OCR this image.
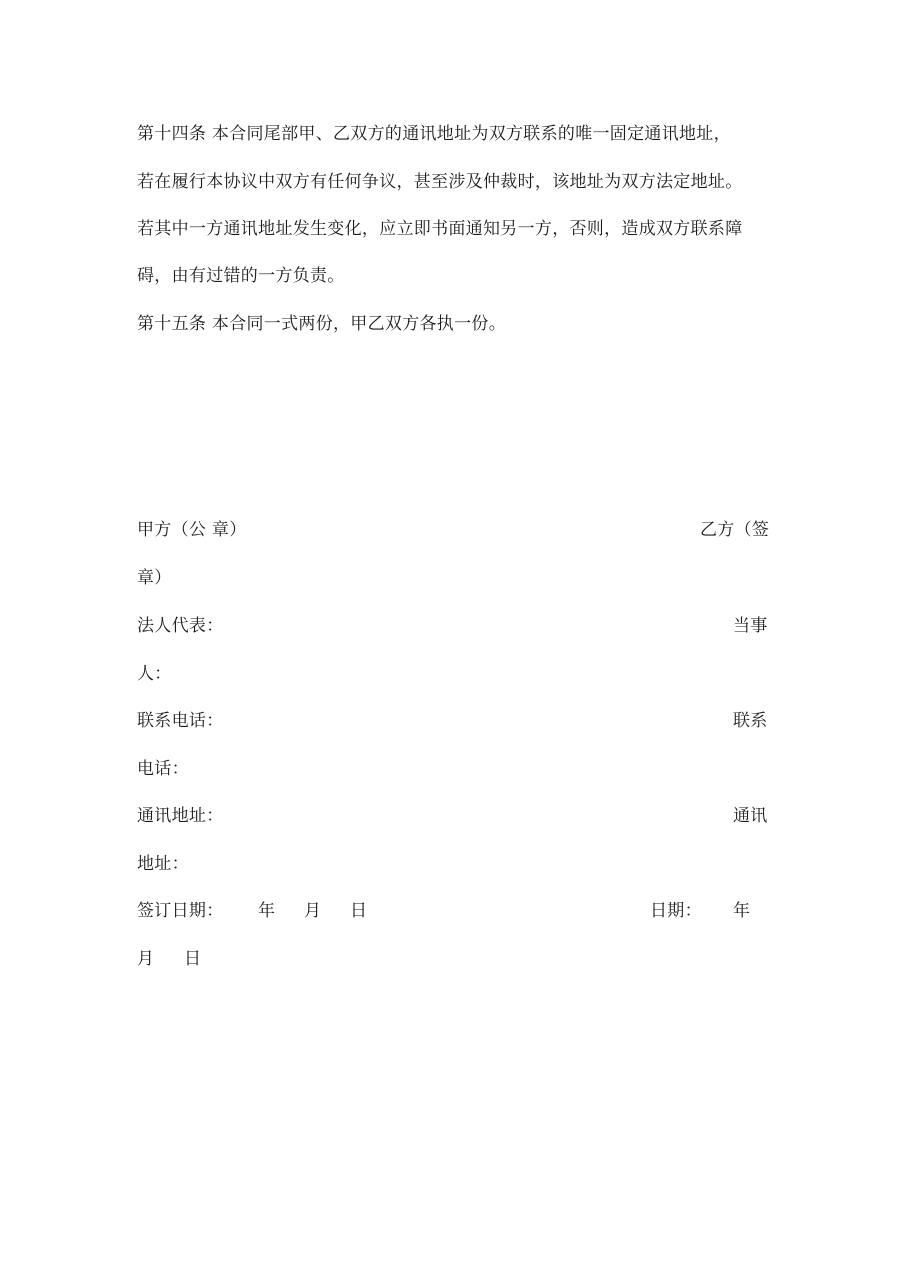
第十四条 本合同尾部甲、乙双方的通讯地址为双方联系的唯一固定通讯地址，
若在履行本协议中双方有任何争议，甚至涉及仲裁时，该地址为双方法定地址。
若其中一方通讯地址发生变化，应立即书面通知另一方，否则，造成双方联系障
碍，由有过错的一方负责。
第十五条 本合同一式两份，甲乙双方各执一份。
甲方（公 章）	乙方（签
章）
法人代表：	当事
人：
联系电话：	联系
电话：
通讯地址：	通讯
地址：
签订日期： 年 月 日	日期： 年
月 日
